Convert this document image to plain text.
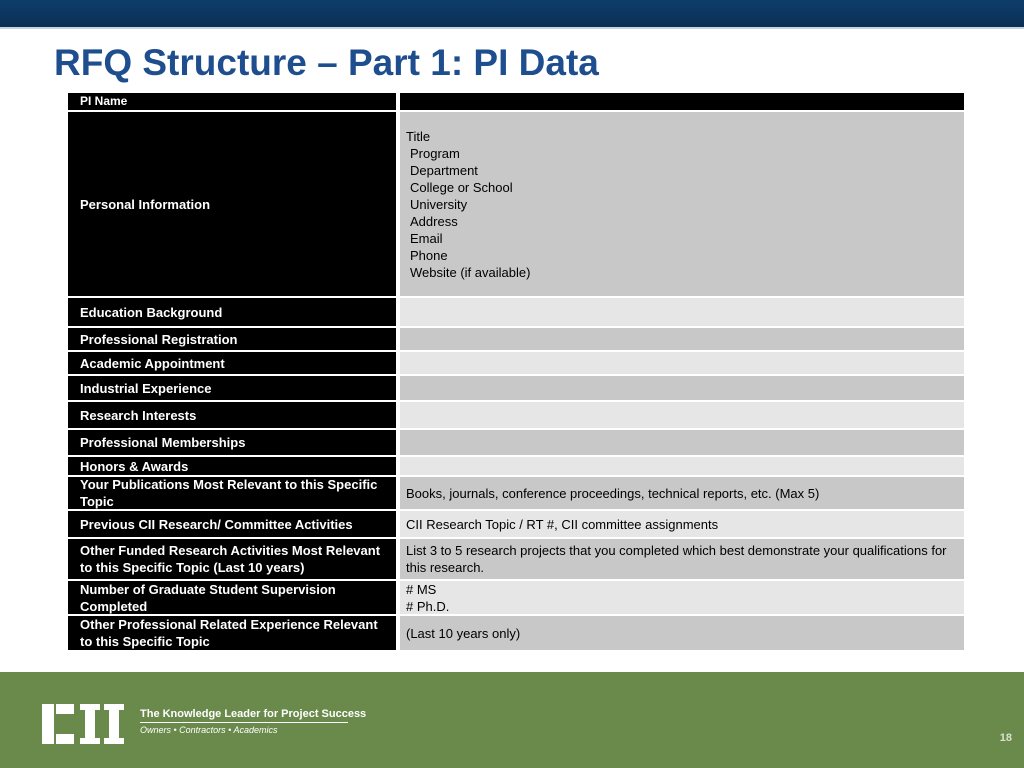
RFQ Structure – Part 1: PI Data
PI Name
Personal Information
Title
Program
Department
College or School
University
Address
Email
Phone
Website (if available)
Education Background
Professional Registration
Academic Appointment
Industrial Experience
Research Interests
Professional Memberships
Honors & Awards
Your Publications Most Relevant to this Specific Topic
Books, journals, conference proceedings, technical reports, etc. (Max 5)
Previous CII Research/ Committee Activities	CII Research Topic / RT #, CII committee assignments
Other Funded Research Activities Most Relevant to this Specific Topic (Last 10 years)
List 3 to 5 research projects that you completed which best demonstrate your qualifications for this research.
Number of Graduate Student Supervision Completed
# MS
# Ph.D.
Other Professional Related Experience Relevant to this Specific Topic
(Last 10 years only)
The Knowledge Leader for Project Success
Owners • Contractors • Academics
18
